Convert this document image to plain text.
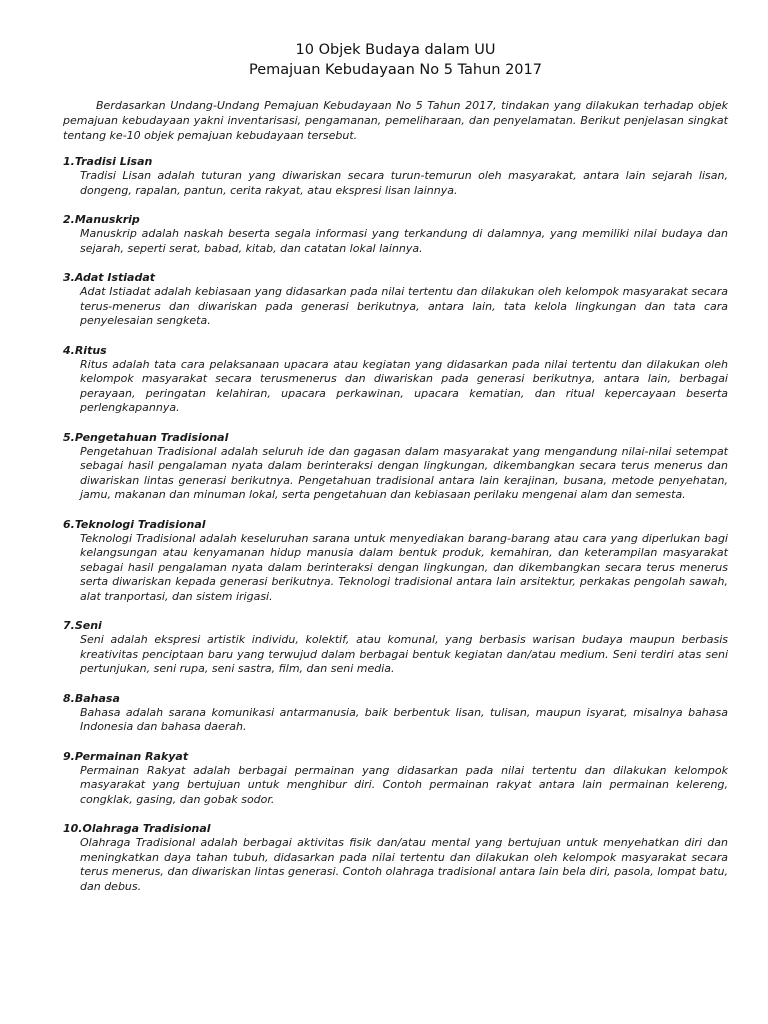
10 Objek Budaya dalam UU
Pemajuan Kebudayaan No 5 Tahun 2017

Berdasarkan Undang-Undang Pemajuan Kebudayaan No 5 Tahun 2017, tindakan yang dilakukan terhadap objek pemajuan kebudayaan yakni inventarisasi, pengamanan, pemeliharaan, dan penyelamatan. Berikut penjelasan singkat tentang ke-10 objek pemajuan kebudayaan tersebut.

1.Tradisi Lisan

Tradisi Lisan adalah tuturan yang diwariskan secara turun-temurun oleh masyarakat, antara lain sejarah lisan, dongeng, rapalan, pantun, cerita rakyat, atau ekspresi lisan lainnya.

2.Manuskrip

Manuskrip adalah naskah beserta segala informasi yang terkandung di dalamnya, yang memiliki nilai budaya dan sejarah, seperti serat, babad, kitab, dan catatan lokal lainnya.

3.Adat Istiadat

Adat Istiadat adalah kebiasaan yang didasarkan pada nilai tertentu dan dilakukan oleh kelompok masyarakat secara terus-menerus dan diwariskan pada generasi berikutnya, antara lain, tata kelola lingkungan dan tata cara penyelesaian sengketa.

4.Ritus

Ritus adalah tata cara pelaksanaan upacara atau kegiatan yang didasarkan pada nilai tertentu dan dilakukan oleh kelompok masyarakat secara terusmenerus dan diwariskan pada generasi berikutnya, antara lain, berbagai perayaan, peringatan kelahiran, upacara perkawinan, upacara kematian, dan ritual kepercayaan beserta perlengkapannya.

5.Pengetahuan Tradisional

Pengetahuan Tradisional adalah seluruh ide dan gagasan dalam masyarakat yang mengandung nilai-nilai setempat sebagai hasil pengalaman nyata dalam berinteraksi dengan lingkungan, dikembangkan secara terus menerus dan diwariskan lintas generasi berikutnya. Pengetahuan tradisional antara lain kerajinan, busana, metode penyehatan, jamu, makanan dan minuman lokal, serta pengetahuan dan kebiasaan perilaku mengenai alam dan semesta.

6.Teknologi Tradisional

Teknologi Tradisional adalah keseluruhan sarana untuk menyediakan barang-barang atau cara yang diperlukan bagi kelangsungan atau kenyamanan hidup manusia dalam bentuk produk, kemahiran, dan keterampilan masyarakat sebagai hasil pengalaman nyata dalam berinteraksi dengan lingkungan, dan dikembangkan secara terus menerus serta diwariskan kepada generasi berikutnya. Teknologi tradisional antara lain arsitektur, perkakas pengolah sawah, alat tranportasi, dan sistem irigasi.

7.Seni

Seni adalah ekspresi artistik individu, kolektif, atau komunal, yang berbasis warisan budaya maupun berbasis kreativitas penciptaan baru yang terwujud dalam berbagai bentuk kegiatan dan/atau medium. Seni terdiri atas seni pertunjukan, seni rupa, seni sastra, film, dan seni media.

8.Bahasa

Bahasa adalah sarana komunikasi antarmanusia, baik berbentuk lisan, tulisan, maupun isyarat, misalnya bahasa Indonesia dan bahasa daerah.

9.Permainan Rakyat

Permainan Rakyat adalah berbagai permainan yang didasarkan pada nilai tertentu dan dilakukan kelompok masyarakat yang bertujuan untuk menghibur diri. Contoh permainan rakyat antara lain permainan kelereng, congklak, gasing, dan gobak sodor.

10.Olahraga Tradisional

Olahraga Tradisional adalah berbagai aktivitas fisik dan/atau mental yang bertujuan untuk menyehatkan diri dan meningkatkan daya tahan tubuh, didasarkan pada nilai tertentu dan dilakukan oleh kelompok masyarakat secara terus menerus, dan diwariskan lintas generasi. Contoh olahraga tradisional antara lain bela diri, pasola, lompat batu, dan debus.
